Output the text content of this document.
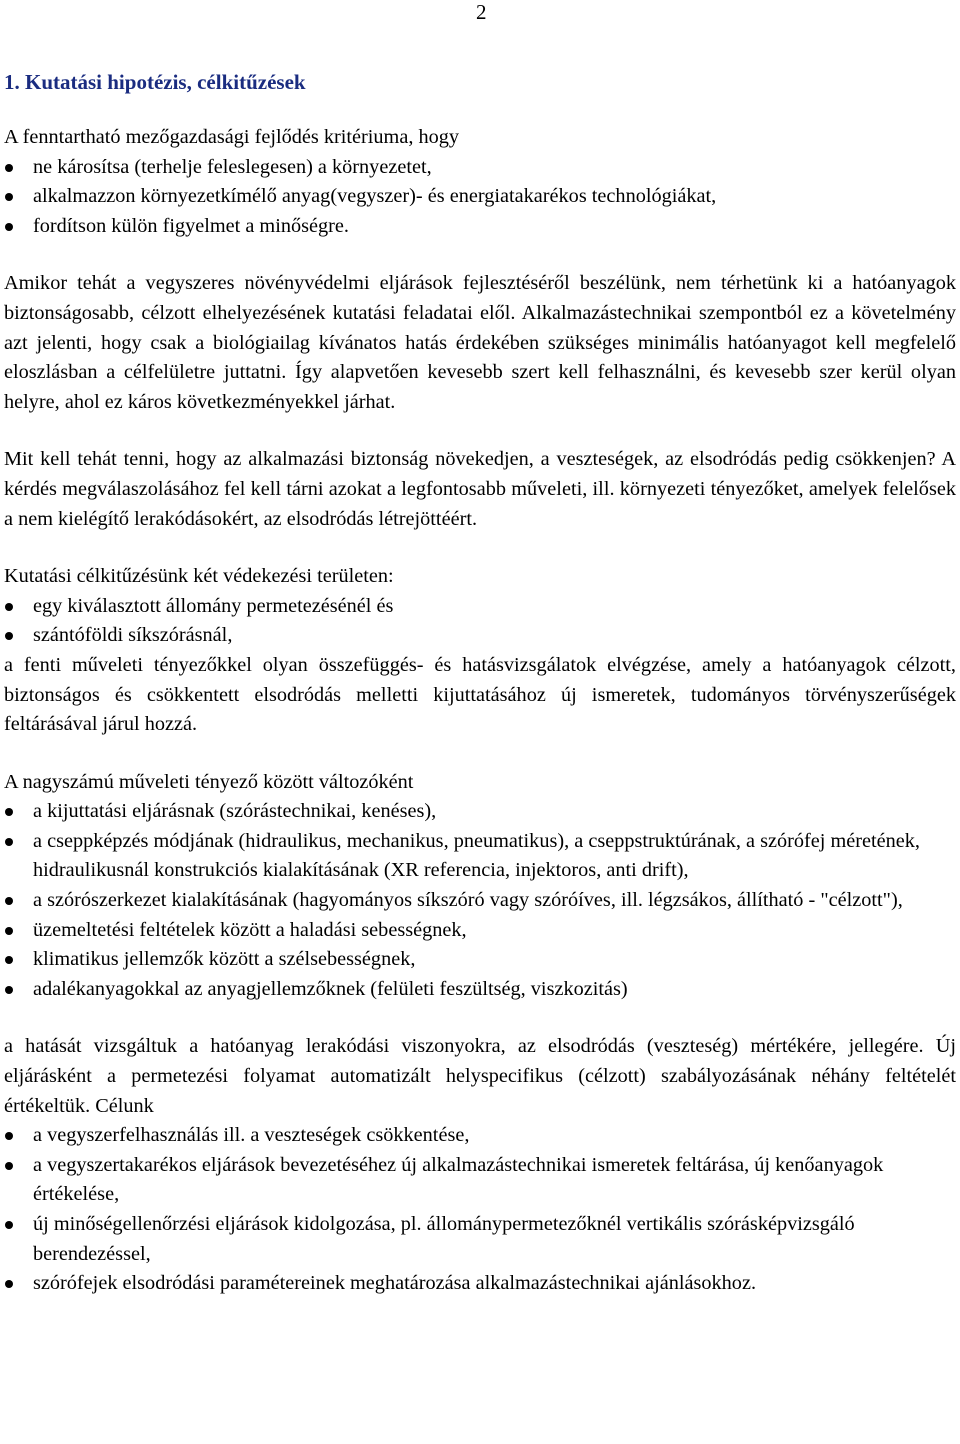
2
1. Kutatási hipotézis, célkitűzések

A fenntartható mezőgazdasági fejlődés kritériuma, hogy

ne károsítsa (terhelje feleslegesen) a környezetet,
alkalmazzon környezetkímélő anyag(vegyszer)- és energiatakarékos technológiákat,
fordítson külön figyelmet a minőségre.

Amikor tehát a vegyszeres növényvédelmi eljárások fejlesztéséről beszélünk, nem térhetünk ki a hatóanyagok biztonságosabb, célzott elhelyezésének kutatási feladatai elől. Alkalmazástechnikai szempontból ez a követelmény azt jelenti, hogy csak a biológiailag kívánatos hatás érdekében szükséges minimális hatóanyagot kell megfelelő eloszlásban a célfelületre juttatni. Így alapvetően kevesebb szert kell felhasználni, és kevesebb szer kerül olyan helyre, ahol ez káros következményekkel járhat.

Mit kell tehát tenni, hogy az alkalmazási biztonság növekedjen, a veszteségek, az elsodródás pedig csökkenjen? A kérdés megválaszolásához fel kell tárni azokat a legfontosabb műveleti, ill. környezeti tényezőket, amelyek felelősek a nem kielégítő lerakódásokért, az elsodródás létrejöttéért.

Kutatási célkitűzésünk két védekezési területen:

egy kiválasztott állomány permetezésénél és
szántóföldi síkszórásnál,

a fenti műveleti tényezőkkel olyan összefüggés- és hatásvizsgálatok elvégzése, amely a hatóanyagok célzott, biztonságos és csökkentett elsodródás melletti kijuttatásához új ismeretek, tudományos törvényszerűségek feltárásával járul hozzá.

A nagyszámú műveleti tényező között változóként

a kijuttatási eljárásnak (szórástechnikai, kenéses),
a cseppképzés módjának (hidraulikus, mechanikus, pneumatikus), a cseppstruktúrának, a szórófej méretének, hidraulikusnál konstrukciós kialakításának (XR referencia, injektoros, anti drift),
a szórószerkezet kialakításának (hagyományos síkszóró vagy szóróíves, ill. légzsákos, állítható - "célzott"),
üzemeltetési feltételek között a haladási sebességnek,
klimatikus jellemzők között a szélsebességnek,
adalékanyagokkal az anyagjellemzőknek (felületi feszültség, viszkozitás)

a hatását vizsgáltuk a hatóanyag lerakódási viszonyokra, az elsodródás (veszteség) mértékére, jellegére. Új eljárásként a permetezési folyamat automatizált helyspecifikus (célzott) szabályozásának néhány feltételét értékeltük. Célunk

a vegyszerfelhasználás ill. a veszteségek csökkentése,
a vegyszertakarékos eljárások bevezetéséhez új alkalmazástechnikai ismeretek feltárása, új kenőanyagok értékelése,
új minőségellenőrzési eljárások kidolgozása, pl. állománypermetezőknél vertikális szórásképvizsgáló berendezéssel,
szórófejek elsodródási paramétereinek meghatározása alkalmazástechnikai ajánlásokhoz.
